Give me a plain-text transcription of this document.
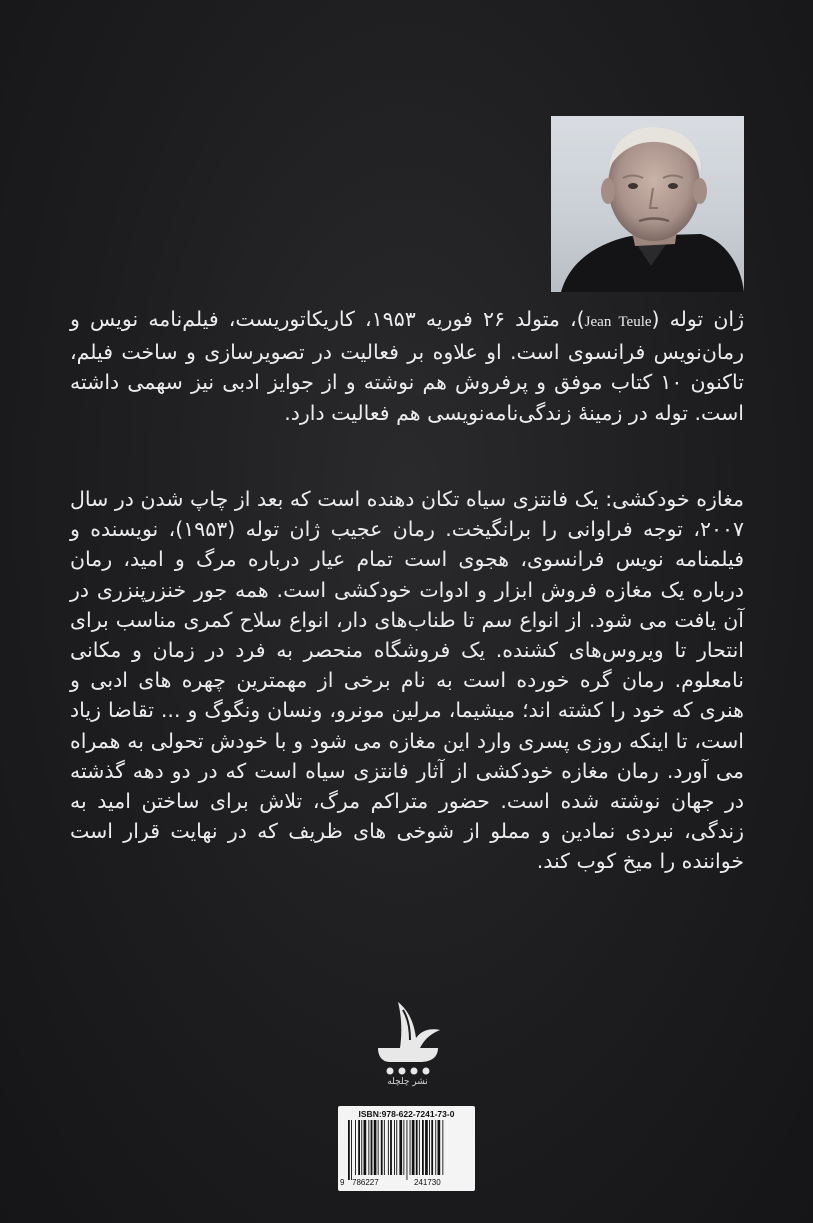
ژان توله (Jean Teule)، متولد ۲۶ فوریه ۱۹۵۳، کاریکاتوریست، فیلم‌نامه نویس و رمان‌نویس فرانسوی است. او علاوه بر فعالیت در تصویرسازی و ساخت فیلم، تاکنون ۱۰ کتاب موفق و پرفروش هم نوشته و از جوایز ادبی نیز سهمی داشته است. توله در زمینهٔ زندگی‌نامه‌نویسی هم فعالیت دارد.
مغازه خودکشی: یک فانتزی سیاه تکان دهنده است که بعد از چاپ شدن در سال ۲۰۰۷، توجه فراوانی را برانگیخت. رمان عجیب ژان توله (۱۹۵۳)، نویسنده و فیلمنامه نویس فرانسوی، هجوی است تمام عیار درباره مرگ و امید، رمان درباره یک مغازه فروش ابزار و ادوات خودکشی است. همه جور خنزرپنزری در آن یافت می شود. از انواع سم تا طناب‌های دار، انواع سلاح کمری مناسب برای انتحار تا ویروس‌های کشنده. یک فروشگاه منحصر به فرد در زمان و مکانی نامعلوم. رمان گره خورده است به نام برخی از مهمترین چهره های ادبی و هنری که خود را کشته اند؛ میشیما، مرلین مونرو، ونسان ونگوگ و ... تقاضا زیاد است، تا اینکه روزی پسری وارد این مغازه می شود و با خودش تحولی به همراه می آورد. رمان مغازه خودکشی از آثار فانتزی سیاه است که در دو دهه گذشته در جهان نوشته شده است. حضور متراکم مرگ، تلاش برای ساختن امید به زندگی، نبردی نمادین و مملو از شوخی های ظریف که در نهایت قرار است خواننده را میخ کوب کند.
نشر چلچله
ISBN:978-622-7241-73-0
9 786227	241730
